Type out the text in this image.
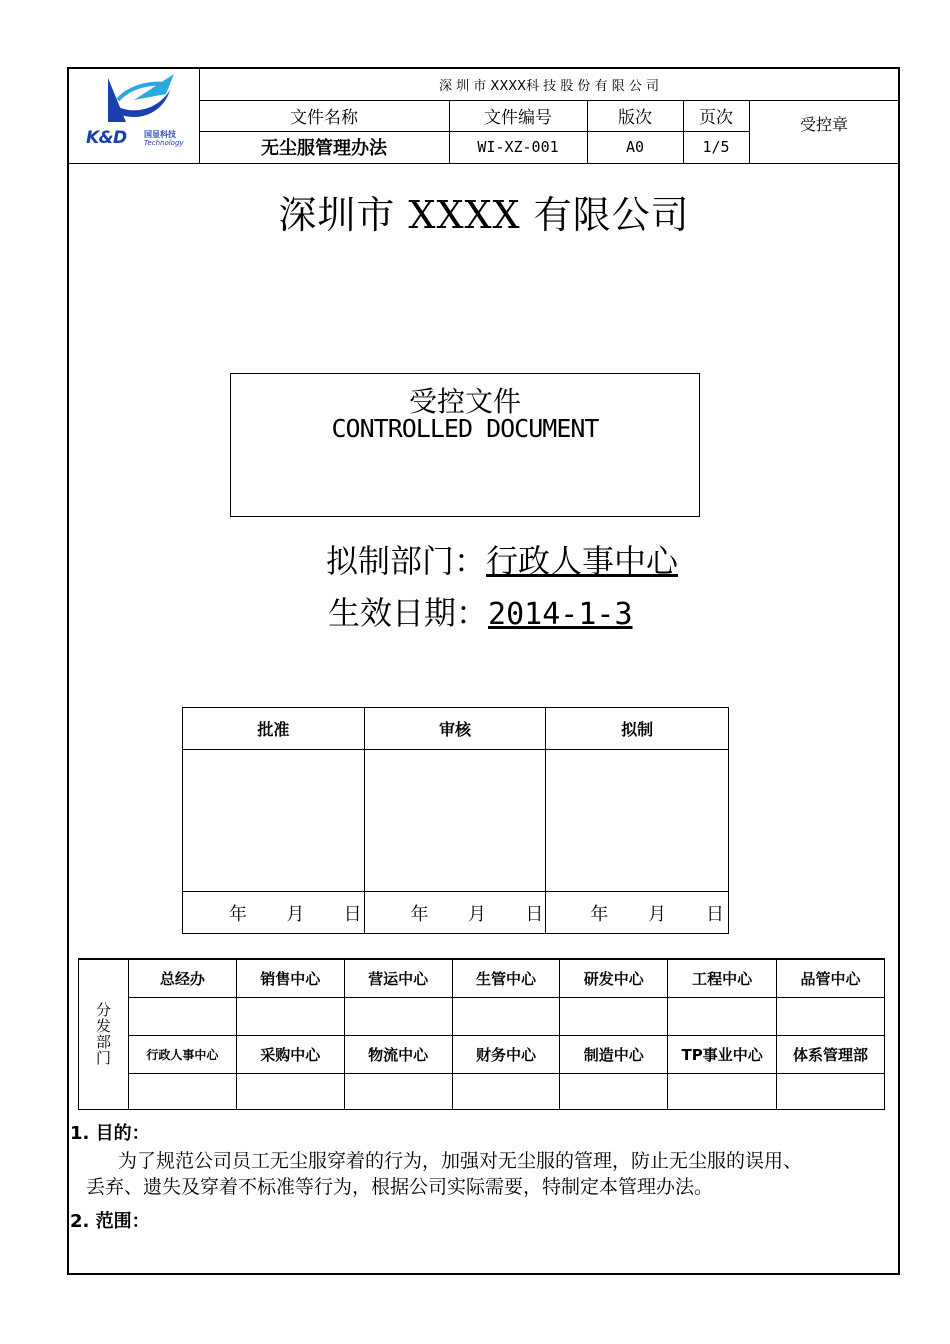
K&D 国显科技
Technology
深 圳 市 XXXX科 技 股 份 有 限 公 司
文件名称	文件编号	版次	页次
无尘服管理办法	WI-XZ-001	A0	1/5
受控章
深圳市 XXXX 有限公司
受控文件
CONTROLLED DOCUMENT
拟制部门：行政人事中心
生效日期：2014-1-3
批准	审核	拟制

年 月 日	年 月 日	年 月 日
分发部门	总经办	销售中心	营运中心	生管中心	研发中心	工程中心	品管中心

	行政人事中心	采购中心	物流中心	财务中心	制造中心	TP事业中心	体系管理部

1. 目的：
为了规范公司员工无尘服穿着的行为，加强对无尘服的管理，防止无尘服的误用、
丢弃、遗失及穿着不标准等行为，根据公司实际需要，特制定本管理办法。
2. 范围：
